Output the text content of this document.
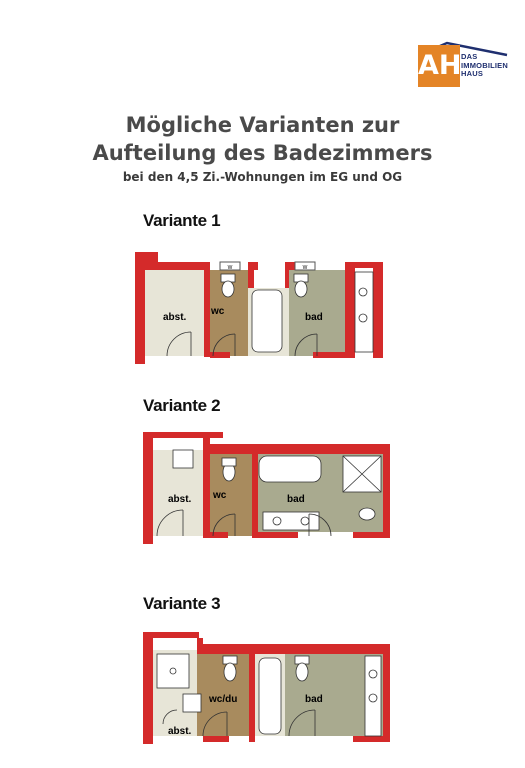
AH DAS
IMMOBILIEN
HAUS
Mögliche Varianten zur
Aufteilung des Badezimmers
bei den 4,5 Zi.-Wohnungen im EG und OG
Variante 1
W	W
abst.
wc
bad
Variante 2
abst. wc	bad
Variante 3
abst.
wc/du	bad
